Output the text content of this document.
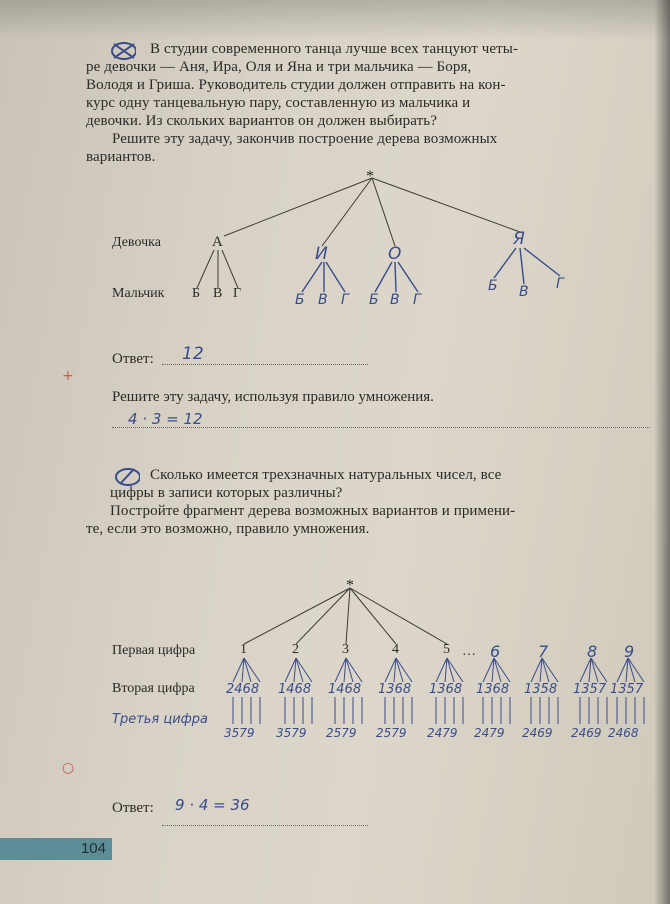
В студии современного танца лучше всех танцуют четы-
ре девочки — Аня, Ира, Оля и Яна и три мальчика — Боря,
Володя и Гриша. Руководитель студии должен отправить на кон-
курс одну танцевальную пару, составленную из мальчика и
девочки. Из скольких вариантов он должен выбирать?
Решите эту задачу, закончив построение дерева возможных
вариантов.
*
Девочка
Мальчик
А
Б В Г
И
Б В Г
О
Б В Г
Я
Б В Г
Ответ: 12
+
Решите эту задачу, используя правило умножения.
4 · 3 = 12
Сколько имеется трехзначных натуральных чисел, все
цифры в записи которых различны?
Постройте фрагмент дерева возможных вариантов и примени-
те, если это возможно, правило умножения.
*
Первая цифра
Вторая цифра
Третья цифра
1
2468
3579
2
1468
3579
3
1468
2579
4
1368
2579
5
1368
2479
6
1368
2479
7
1358
2469
8
1357
2469
9
1357
2468
…
Ответ: 9 · 4 = 36
○
104
